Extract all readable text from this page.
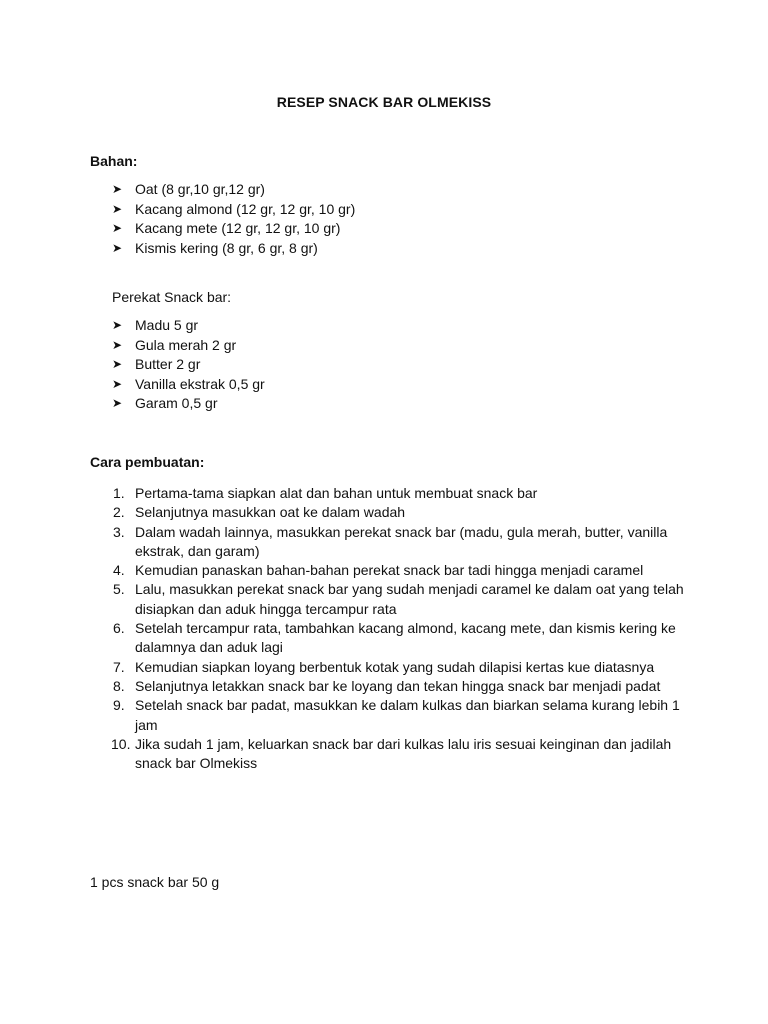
RESEP SNACK BAR OLMEKISS
Bahan:
➤ Oat (8 gr,10 gr,12 gr)
➤ Kacang almond (12 gr, 12 gr, 10 gr)
➤ Kacang mete (12 gr, 12 gr, 10 gr)
➤ Kismis kering (8 gr, 6 gr, 8 gr)
Perekat Snack bar:
➤ Madu 5 gr
➤ Gula merah 2 gr
➤ Butter 2 gr
➤ Vanilla ekstrak 0,5 gr
➤ Garam 0,5 gr
Cara pembuatan:
1. Pertama-tama siapkan alat dan bahan untuk membuat snack bar
2. Selanjutnya masukkan oat ke dalam wadah
3. Dalam wadah lainnya, masukkan perekat snack bar (madu, gula merah, butter, vanilla ekstrak, dan garam)
4. Kemudian panaskan bahan-bahan perekat snack bar tadi hingga menjadi caramel
5. Lalu, masukkan perekat snack bar yang sudah menjadi caramel ke dalam oat yang telah disiapkan dan aduk hingga tercampur rata
6. Setelah tercampur rata, tambahkan kacang almond, kacang mete, dan kismis kering ke dalamnya dan aduk lagi
7. Kemudian siapkan loyang berbentuk kotak yang sudah dilapisi kertas kue diatasnya
8. Selanjutnya letakkan snack bar ke loyang dan tekan hingga snack bar menjadi padat
9. Setelah snack bar padat, masukkan ke dalam kulkas dan biarkan selama kurang lebih 1 jam
10. Jika sudah 1 jam, keluarkan snack bar dari kulkas lalu iris sesuai keinginan dan jadilah snack bar Olmekiss
1 pcs snack bar 50 g
